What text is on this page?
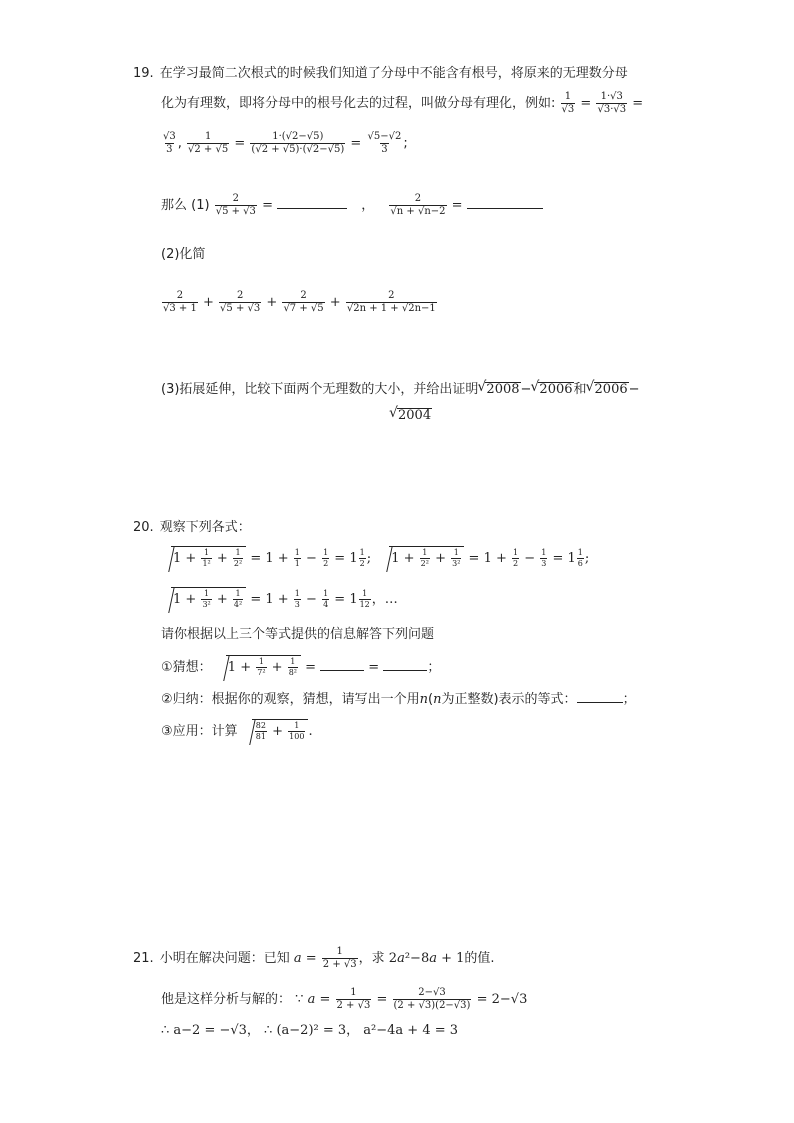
19. 在学习最简二次根式的时候我们知道了分母中不能含有根号，将原来的无理数分母
化为有理数，即将分母中的根号化去的过程，叫做分母有理化，例如: $\frac{1}{√3} = \frac{1\cdot√3}{√3\cdot√3}$ =
$\frac{√3}{3}$ , $\frac{1}{√2 + √5} = \frac{1\cdot(√2-√5)}{(√2 + √5)\cdot(√2-√5)} = \frac{√5-√2}{3}$ ;
那么 $(1) \frac{2}{√5 + √3}$ =	， $\frac{2}{√n + √n-2}$ =
(2)化简
$\frac{2}{√3 + 1} + \frac{2}{√5 + √3} + \frac{2}{√7 + √5} + \frac{2}{√2n + 1 + √2n-1}$
(3)拓展延伸，比较下面两个无理数的大小，并给出证明 √ 2008− √ 2006和 √ 2006−
√ 2004
20. 观察下列各式：
$1 + \frac{1}{\text{1²}} + \frac{1}{\text{2²}} = 1 + \frac{1}{1} - \frac{1}{2} = 1 \frac{1}{2}$ ; $1 + \frac{1}{\text{2²}} + \frac{1}{\text{3²}} = 1 + \frac{1}{2} - \frac{1}{3} = 1 \frac{1}{6}$ ;
$1 + \frac{1}{\text{3²}} + \frac{1}{\text{4²}} = 1 + \frac{1}{3} - \frac{1}{4} = 1 \frac{1}{12}$ ，…
请你根据以上三个等式提供的信息解答下列问题
①猜想： $1 + \frac{1}{\text{7²}} + \frac{1}{\text{8²}}$ =	=	；
②归纳：根据你的观察，猜想，请写出一个用n(n为正整数)表示的等式：	；
③应用：计算 $\frac{82}{81} + \frac{1}{100}$ .
21. 小明在解决问题：已知 $a = \frac{1}{2 + √3}$ ，求 2a²−8a + 1的值.
他是这样分析与解的： ∵ $a = \frac{1}{2 + √3} = \frac{2-√3}{(2 + √3)(2-√3)} = 2-√3$
∴ a−2 = −√3， ∴ (a−2)² = 3， a²−4a + 4 = 3
